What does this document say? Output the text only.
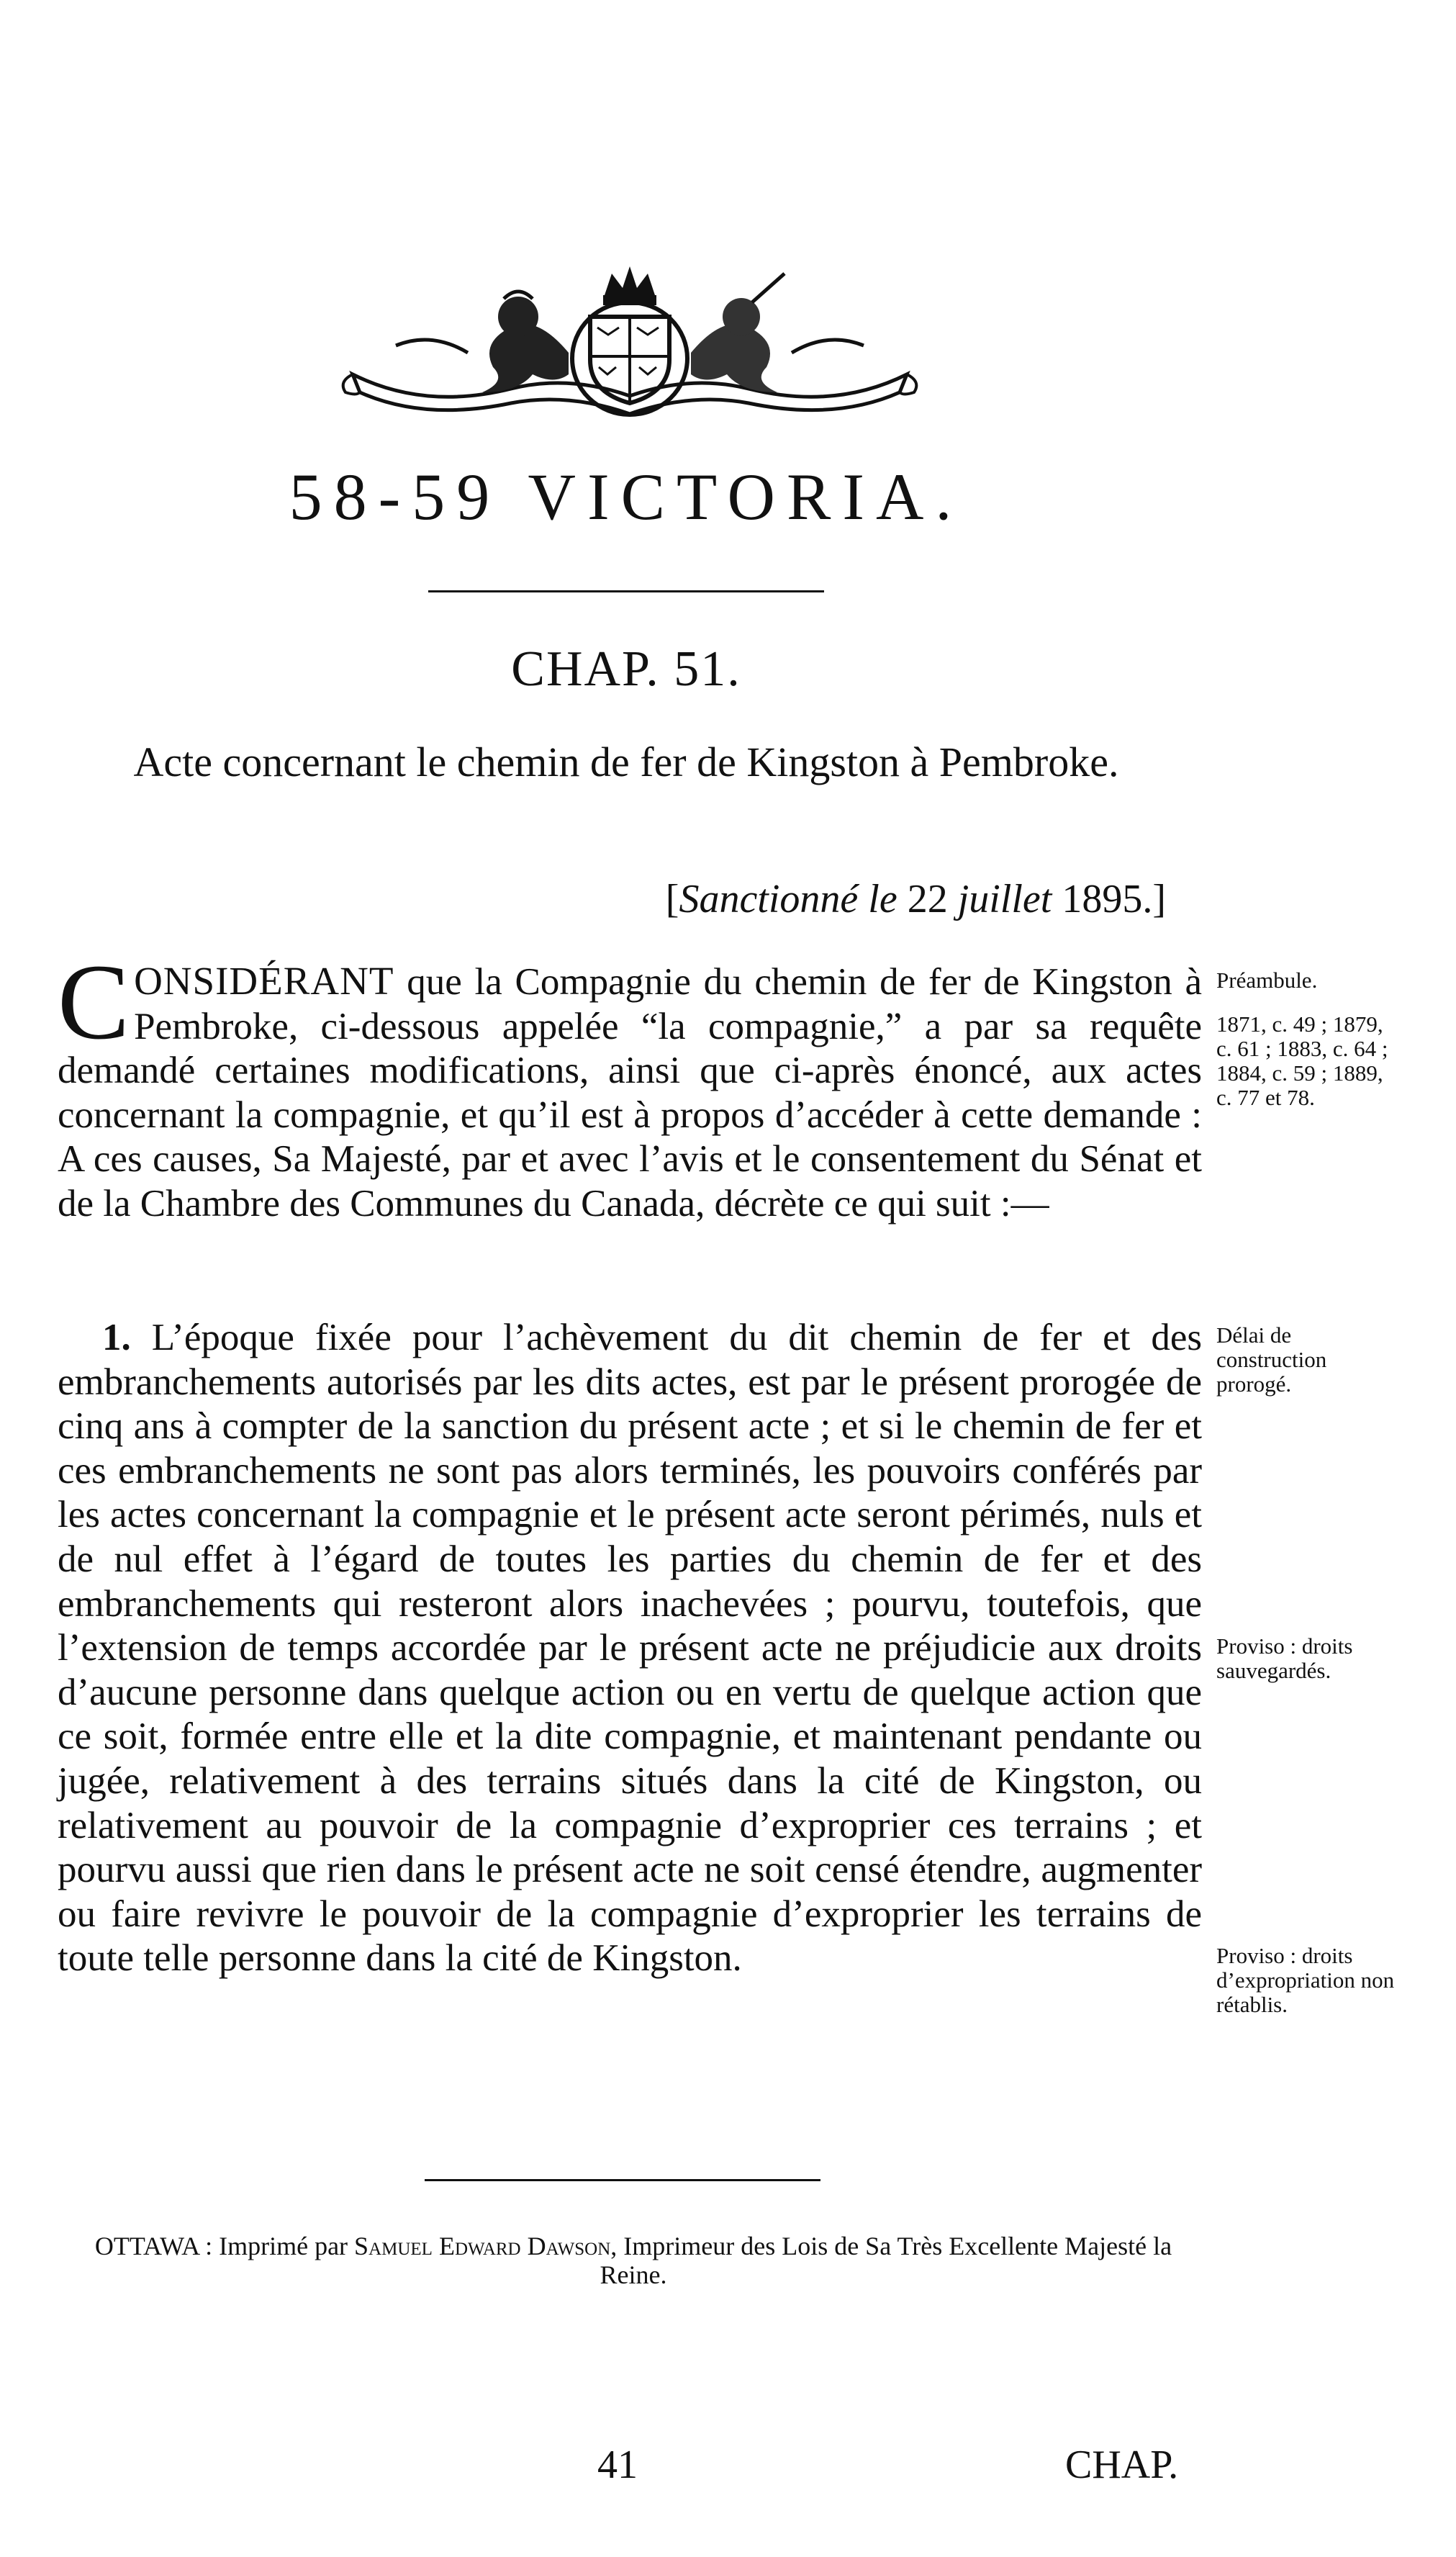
58-59 VICTORIA.
CHAP. 51.
Acte concernant le chemin de fer de Kingston à Pembroke.
[Sanctionné le 22 juillet 1895.]
CONSIDÉRANT que la Compagnie du chemin de fer de Kingston à Pembroke, ci-dessous appelée “la compagnie,” a par sa requête demandé certaines modifications, ainsi que ci-après énoncé, aux actes concernant la compagnie, et qu’il est à propos d’accéder à cette demande : A ces causes, Sa Majesté, par et avec l’avis et le consentement du Sénat et de la Chambre des Communes du Canada, décrète ce qui suit :—
1. L’époque fixée pour l’achèvement du dit chemin de fer et des embranchements autorisés par les dits actes, est par le présent prorogée de cinq ans à compter de la sanction du présent acte ; et si le chemin de fer et ces embranchements ne sont pas alors terminés, les pouvoirs conférés par les actes concernant la compagnie et le présent acte seront périmés, nuls et de nul effet à l’égard de toutes les parties du chemin de fer et des embranchements qui resteront alors inachevées ; pourvu, toutefois, que l’extension de temps accordée par le présent acte ne préjudicie aux droits d’aucune personne dans quelque action ou en vertu de quelque action que ce soit, formée entre elle et la dite compagnie, et maintenant pendante ou jugée, relativement à des terrains situés dans la cité de Kingston, ou relativement au pouvoir de la compagnie d’exproprier ces terrains ; et pourvu aussi que rien dans le présent acte ne soit censé étendre, augmenter ou faire revivre le pouvoir de la compagnie d’exproprier les terrains de toute telle personne dans la cité de Kingston.
Préambule.
1871, c. 49 ; 1879, c. 61 ; 1883, c. 64 ; 1884, c. 59 ; 1889, c. 77 et 78.
Délai de construction prorogé.
Proviso : droits sauvegardés.
Proviso : droits d’expropriation non rétablis.
OTTAWA : Imprimé par Samuel Edward Dawson, Imprimeur des Lois de Sa Très Excellente Majesté la Reine.
41	CHAP.
